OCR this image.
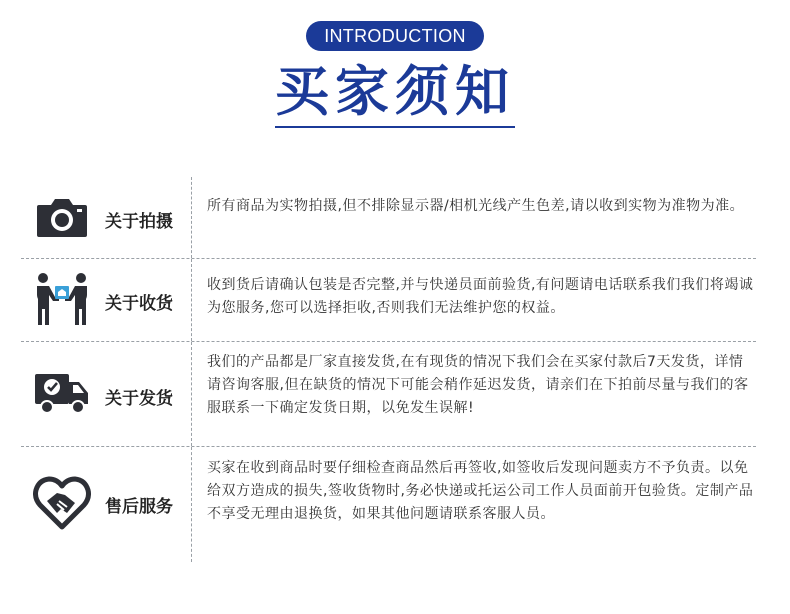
INTRODUCTION
买家须知
关于拍摄
所有商品为实物拍摄,但不排除显示器/相机光线产生色差,请以收到实物为准物为准。
关于收货
收到货后请确认包装是否完整,并与快递员面前验货,有问题请电话联系我们我们将竭诚为您服务,您可以选择拒收,否则我们无法维护您的权益。
关于发货
我们的产品都是厂家直接发货,在有现货的情况下我们会在买家付款后7天发货，详情请咨询客服,但在缺货的情况下可能会稍作延迟发货，请亲们在下拍前尽量与我们的客服联系一下确定发货日期，以免发生误解!
售后服务
买家在收到商品时要仔细检查商品然后再签收,如签收后发现问题卖方不予负责。以免给双方造成的损失,签收货物时,务必快递或托运公司工作人员面前开包验货。定制产品不享受无理由退换货，如果其他问题请联系客服人员。
